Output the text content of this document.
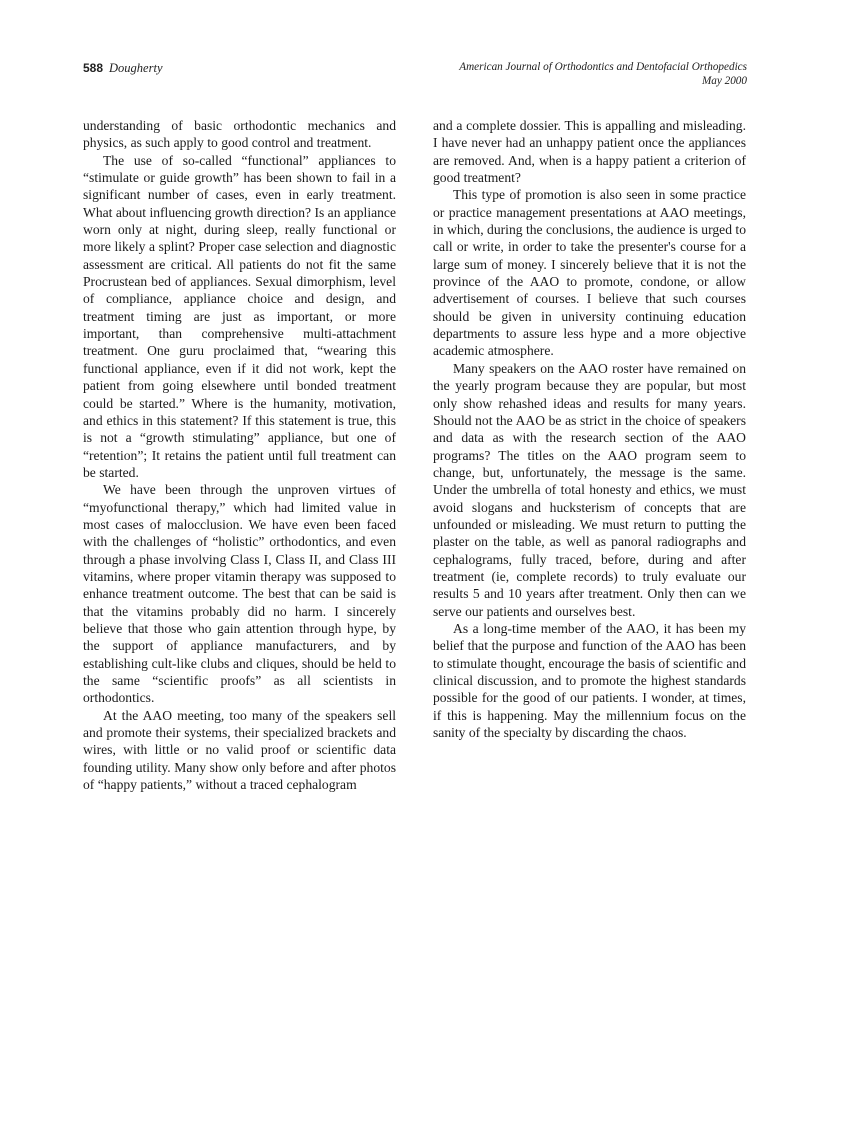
588 Dougherty	American Journal of Orthodontics and Dentofacial Orthopedics
May 2000

understanding of basic orthodontic mechanics and physics, as such apply to good control and treatment.

The use of so-called “functional” appliances to “stimulate or guide growth” has been shown to fail in a significant number of cases, even in early treatment. What about influencing growth direction? Is an appliance worn only at night, during sleep, really functional or more likely a splint? Proper case selection and diagnostic assessment are critical. All patients do not fit the same Procrustean bed of appliances. Sexual dimorphism, level of compliance, appliance choice and design, and treatment timing are just as important, or more important, than comprehensive multi-attachment treatment. One guru proclaimed that, “wearing this functional appliance, even if it did not work, kept the patient from going elsewhere until bonded treatment could be started.” Where is the humanity, motivation, and ethics in this statement? If this statement is true, this is not a “growth stimulating” appliance, but one of “retention”; It retains the patient until full treatment can be started.

We have been through the unproven virtues of “myofunctional therapy,” which had limited value in most cases of malocclusion. We have even been faced with the challenges of “holistic” orthodontics, and even through a phase involving Class I, Class II, and Class III vitamins, where proper vitamin therapy was supposed to enhance treatment outcome. The best that can be said is that the vitamins probably did no harm. I sincerely believe that those who gain attention through hype, by the support of appliance manufacturers, and by establishing cult-like clubs and cliques, should be held to the same “scientific proofs” as all scientists in orthodontics.

At the AAO meeting, too many of the speakers sell and promote their systems, their specialized brackets and wires, with little or no valid proof or scientific data founding utility. Many show only before and after photos of “happy patients,” without a traced cephalogram

and a complete dossier. This is appalling and misleading. I have never had an unhappy patient once the appliances are removed. And, when is a happy patient a criterion of good treatment?

This type of promotion is also seen in some practice or practice management presentations at AAO meetings, in which, during the conclusions, the audience is urged to call or write, in order to take the presenter's course for a large sum of money. I sincerely believe that it is not the province of the AAO to promote, condone, or allow advertisement of courses. I believe that such courses should be given in university continuing education departments to assure less hype and a more objective academic atmosphere.

Many speakers on the AAO roster have remained on the yearly program because they are popular, but most only show rehashed ideas and results for many years. Should not the AAO be as strict in the choice of speakers and data as with the research section of the AAO programs? The titles on the AAO program seem to change, but, unfortunately, the message is the same. Under the umbrella of total honesty and ethics, we must avoid slogans and hucksterism of concepts that are unfounded or misleading. We must return to putting the plaster on the table, as well as panoral radiographs and cephalograms, fully traced, before, during and after treatment (ie, complete records) to truly evaluate our results 5 and 10 years after treatment. Only then can we serve our patients and ourselves best.

As a long-time member of the AAO, it has been my belief that the purpose and function of the AAO has been to stimulate thought, encourage the basis of scientific and clinical discussion, and to promote the highest standards possible for the good of our patients. I wonder, at times, if this is happening. May the millennium focus on the sanity of the specialty by discarding the chaos.
